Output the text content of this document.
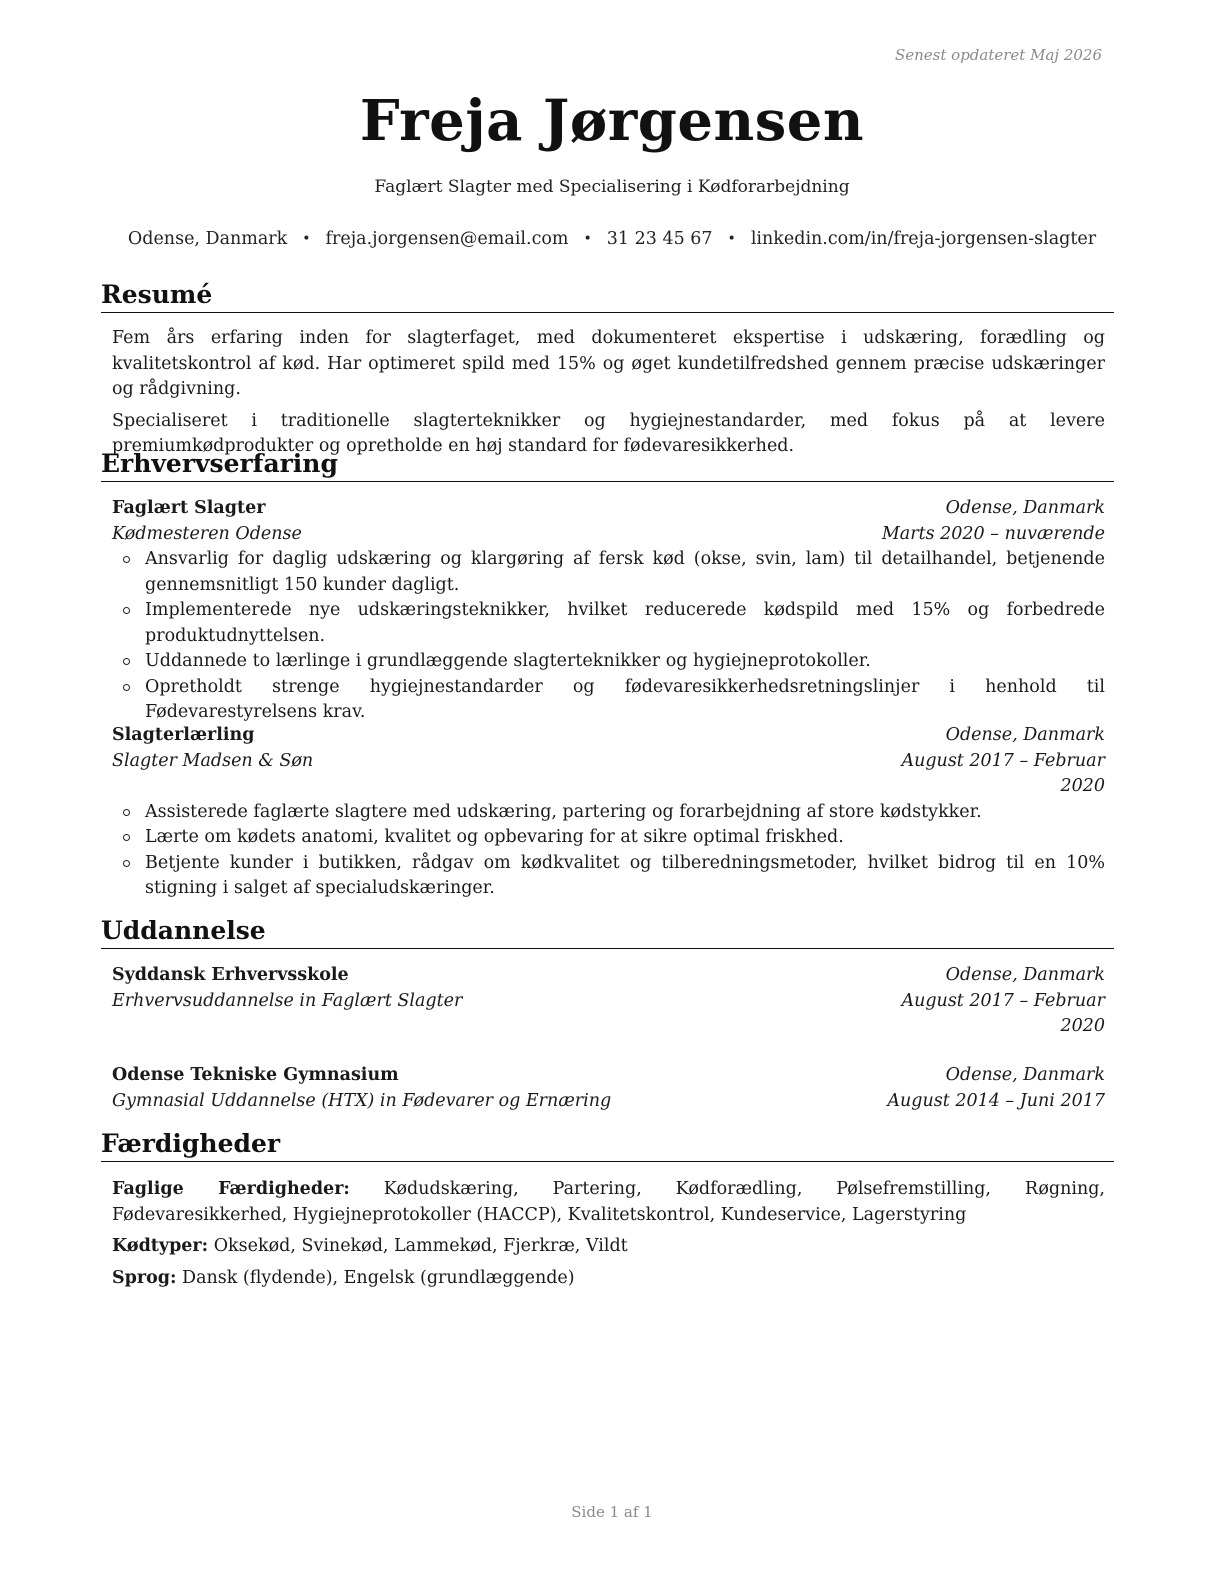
Senest opdateret Maj 2026
Freja Jørgensen
Faglært Slagter med Specialisering i Kødforarbejdning
Odense, Danmark • freja.jorgensen@email.com • 31 23 45 67 • linkedin.com/in/freja-jorgensen-slagter
Resumé

Fem års erfaring inden for slagterfaget, med dokumenteret ekspertise i udskæring, forædling og kvalitetskontrol af kød. Har optimeret spild med 15% og øget kundetilfredshed gennem præcise udskæringer og rådgivning.

Specialiseret i traditionelle slagterteknikker og hygiejnestandarder, med fokus på at levere premiumkødprodukter og opretholde en høj standard for fødevaresikkerhed.

Erhvervserfaring
Faglært Slagter	Odense, Danmark
Kødmesteren Odense	Marts 2020 – nuværende
Ansvarlig for daglig udskæring og klargøring af fersk kød (okse, svin, lam) til detailhandel, betjenende gennemsnitligt 150 kunder dagligt.
Implementerede nye udskæringsteknikker, hvilket reducerede kødspild med 15% og forbedrede produktudnyttelsen.
Uddannede to lærlinge i grundlæggende slagterteknikker og hygiejneprotokoller.
Opretholdt strenge hygiejnestandarder og fødevaresikkerhedsretningslinjer i henhold til Fødevarestyrelsens krav.
Slagterlærling	Odense, Danmark
Slagter Madsen & Søn	August 2017 – Februar 2020
Assisterede faglærte slagtere med udskæring, partering og forarbejdning af store kødstykker.
Lærte om kødets anatomi, kvalitet og opbevaring for at sikre optimal friskhed.
Betjente kunder i butikken, rådgav om kødkvalitet og tilberedningsmetoder, hvilket bidrog til en 10% stigning i salget af specialudskæringer.
Uddannelse
Syddansk Erhvervsskole	Odense, Danmark
Erhvervsuddannelse in Faglært Slagter	August 2017 – Februar 2020
Odense Tekniske Gymnasium	Odense, Danmark
Gymnasial Uddannelse (HTX) in Fødevarer og Ernæring	August 2014 – Juni 2017
Færdigheder

Faglige Færdigheder: Kødudskæring, Partering, Kødforædling, Pølsefremstilling, Røgning, Fødevaresikkerhed, Hygiejneprotokoller (HACCP), Kvalitetskontrol, Kundeservice, Lagerstyring

Kødtyper: Oksekød, Svinekød, Lammekød, Fjerkræ, Vildt

Sprog: Dansk (flydende), Engelsk (grundlæggende)

Side 1 af 1
